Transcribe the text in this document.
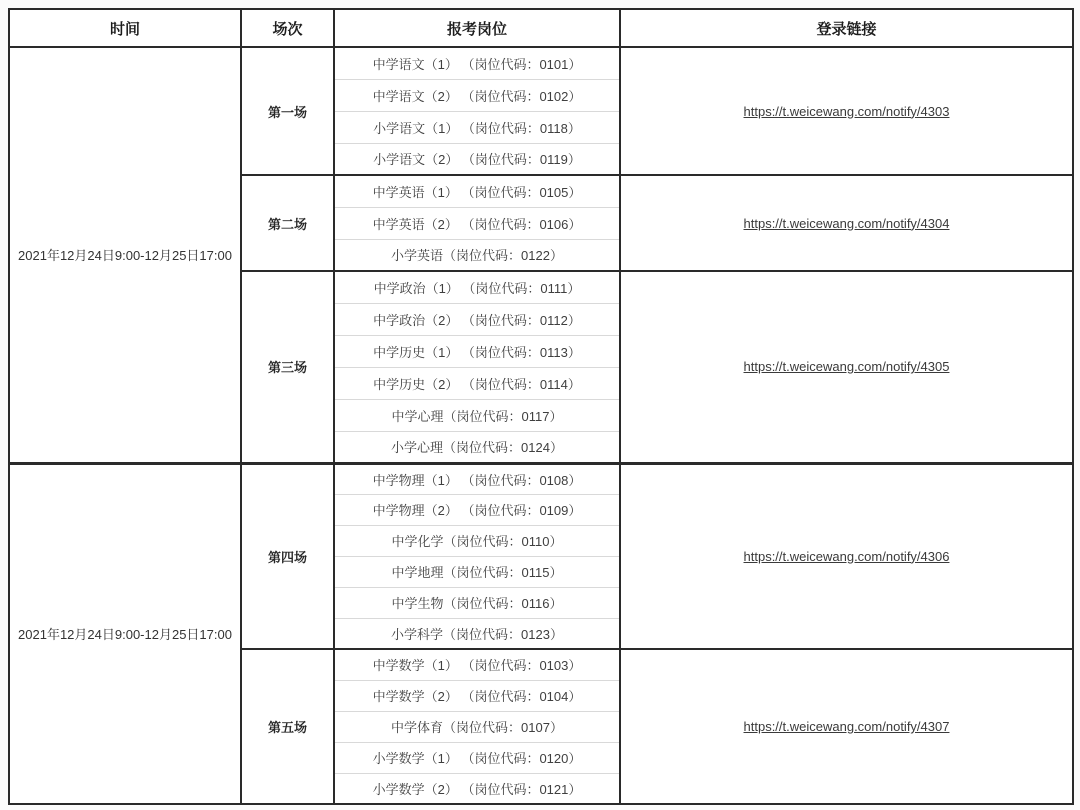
时间	场次	报考岗位	登录链接
2021年12月24日9:00-12月25日17:00	第一场	中学语文（1） （岗位代码：0101）	https://t.weicewang.com/notify/4303
		中学语文（2） （岗位代码：0102）	
		小学语文（1） （岗位代码：0118）	
		小学语文（2） （岗位代码：0119）	
	第二场	中学英语（1） （岗位代码：0105）	https://t.weicewang.com/notify/4304
		中学英语（2） （岗位代码：0106）	
		小学英语（岗位代码：0122）	
	第三场	中学政治（1） （岗位代码：0111）	https://t.weicewang.com/notify/4305
		中学政治（2） （岗位代码：0112）	
		中学历史（1） （岗位代码：0113）	
		中学历史（2） （岗位代码：0114）	
		中学心理（岗位代码：0117）	
		小学心理（岗位代码：0124）	
2021年12月24日9:00-12月25日17:00	第四场	中学物理（1） （岗位代码：0108）	https://t.weicewang.com/notify/4306
		中学物理（2） （岗位代码：0109）	
		中学化学（岗位代码：0110）	
		中学地理（岗位代码：0115）	
		中学生物（岗位代码：0116）	
		小学科学（岗位代码：0123）	
	第五场	中学数学（1） （岗位代码：0103）	https://t.weicewang.com/notify/4307
		中学数学（2） （岗位代码：0104）	
		中学体育（岗位代码：0107）	
		小学数学（1） （岗位代码：0120）	
		小学数学（2） （岗位代码：0121）	
